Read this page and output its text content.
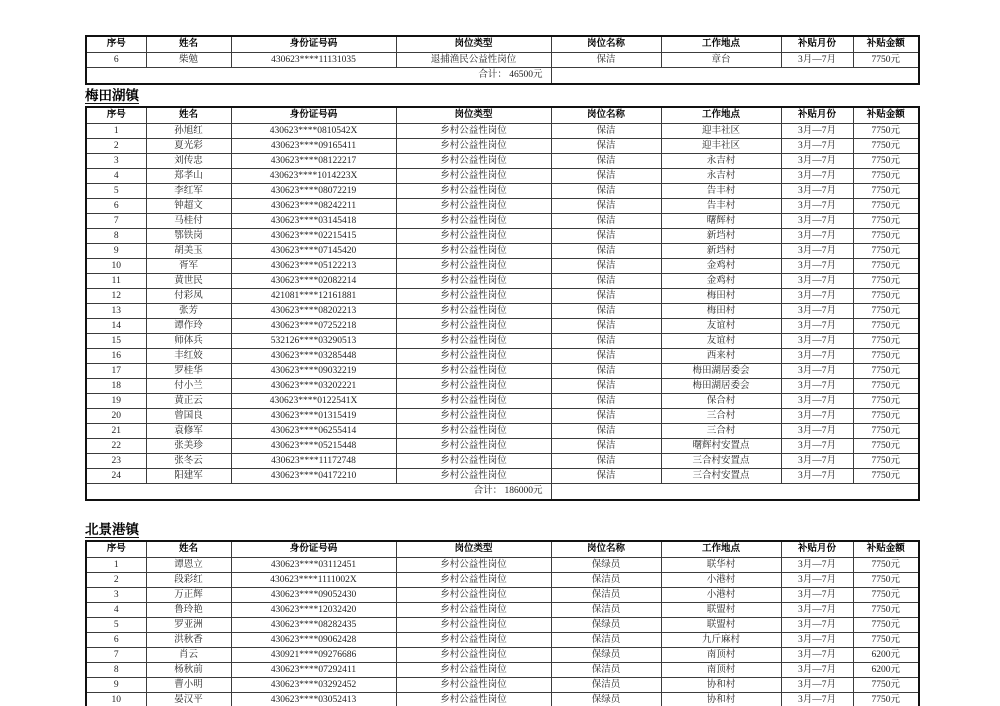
序号	姓名	身份证号码	岗位类型	岗位名称	工作地点	补贴月份	补贴金额
6	柴勉	430623****11131035	退捕渔民公益性岗位	保洁	章台	3月—7月	7750元
合计： 46500元							
梅田湖镇
序号	姓名	身份证号码	岗位类型	岗位名称	工作地点	补贴月份	补贴金额
1	孙旭红	430623****0810542X	乡村公益性岗位	保洁	迎丰社区	3月—7月	7750元
2	夏光彩	430623****09165411	乡村公益性岗位	保洁	迎丰社区	3月—7月	7750元
3	刘传忠	430623****08122217	乡村公益性岗位	保洁	永吉村	3月—7月	7750元
4	郑孝山	430623****1014223X	乡村公益性岗位	保洁	永吉村	3月—7月	7750元
5	李红军	430623****08072219	乡村公益性岗位	保洁	告丰村	3月—7月	7750元
6	钟超文	430623****08242211	乡村公益性岗位	保洁	告丰村	3月—7月	7750元
7	马桂付	430623****03145418	乡村公益性岗位	保洁	曙辉村	3月—7月	7750元
8	鄂铁岗	430623****02215415	乡村公益性岗位	保洁	新垱村	3月—7月	7750元
9	胡美玉	430623****07145420	乡村公益性岗位	保洁	新垱村	3月—7月	7750元
10	胥军	430623****05122213	乡村公益性岗位	保洁	金鸡村	3月—7月	7750元
11	黄世民	430623****02082214	乡村公益性岗位	保洁	金鸡村	3月—7月	7750元
12	付彩凤	421081****12161881	乡村公益性岗位	保洁	梅田村	3月—7月	7750元
13	张芳	430623****08202213	乡村公益性岗位	保洁	梅田村	3月—7月	7750元
14	谭作玲	430623****07252218	乡村公益性岗位	保洁	友谊村	3月—7月	7750元
15	师体兵	532126****03290513	乡村公益性岗位	保洁	友谊村	3月—7月	7750元
16	丰红姣	430623****03285448	乡村公益性岗位	保洁	西来村	3月—7月	7750元
17	罗桂华	430623****09032219	乡村公益性岗位	保洁	梅田湖居委会	3月—7月	7750元
18	付小兰	430623****03202221	乡村公益性岗位	保洁	梅田湖居委会	3月—7月	7750元
19	黄正云	430623****0122541X	乡村公益性岗位	保洁	保合村	3月—7月	7750元
20	曾国良	430623****01315419	乡村公益性岗位	保洁	三合村	3月—7月	7750元
21	袁修军	430623****06255414	乡村公益性岗位	保洁	三合村	3月—7月	7750元
22	张美珍	430623****05215448	乡村公益性岗位	保洁	曙辉村安置点	3月—7月	7750元
23	张冬云	430623****11172748	乡村公益性岗位	保洁	三合村安置点	3月—7月	7750元
24	阳建军	430623****04172210	乡村公益性岗位	保洁	三合村安置点	3月—7月	7750元
合计： 186000元							
北景港镇
序号	姓名	身份证号码	岗位类型	岗位名称	工作地点	补贴月份	补贴金额
1	谭恩立	430623****03112451	乡村公益性岗位	保绿员	联华村	3月—7月	7750元
2	段彩红	430623****1111002X	乡村公益性岗位	保洁员	小港村	3月—7月	7750元
3	万正辉	430623****09052430	乡村公益性岗位	保洁员	小港村	3月—7月	7750元
4	鲁玲艳	430623****12032420	乡村公益性岗位	保洁员	联盟村	3月—7月	7750元
5	罗亚洲	430623****08282435	乡村公益性岗位	保绿员	联盟村	3月—7月	7750元
6	洪秋香	430623****09062428	乡村公益性岗位	保洁员	九斤麻村	3月—7月	7750元
7	肖云	430921****09276686	乡村公益性岗位	保绿员	南顶村	3月—7月	6200元
8	杨秋前	430623****07292411	乡村公益性岗位	保洁员	南顶村	3月—7月	6200元
9	曹小明	430623****03292452	乡村公益性岗位	保洁员	协和村	3月—7月	7750元
10	晏汉平	430623****03052413	乡村公益性岗位	保绿员	协和村	3月—7月	7750元
